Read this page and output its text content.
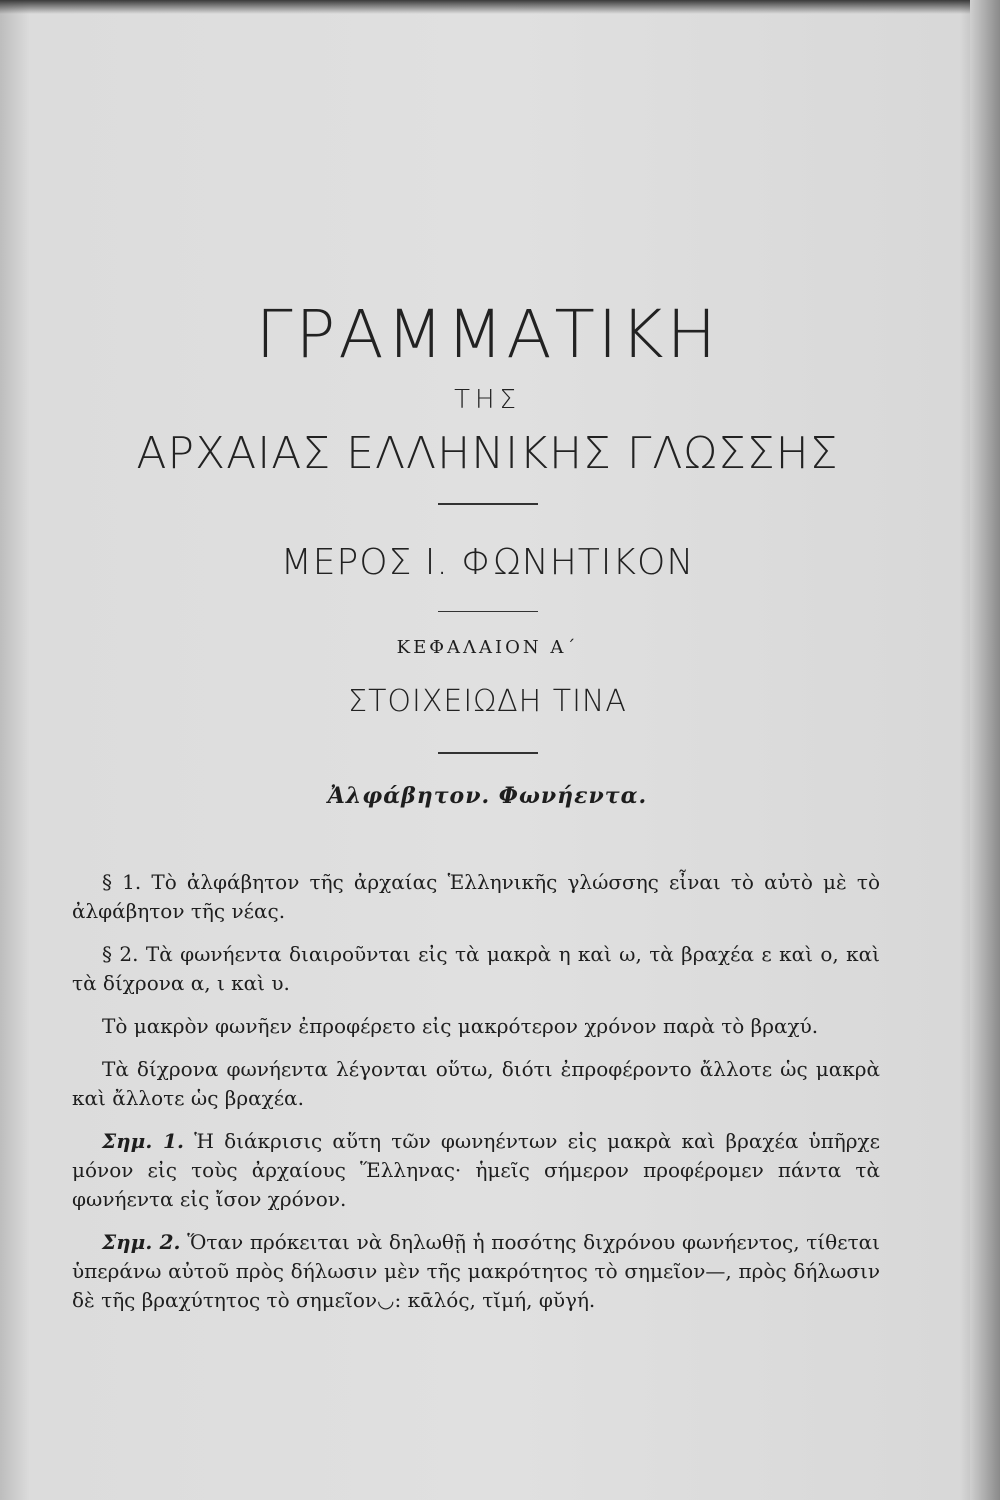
ΓΡΑΜΜΑΤΙΚΗ
ΤΗΣ
ΑΡΧΑΙΑΣ ΕΛΛΗΝΙΚΗΣ ΓΛΩΣΣΗΣ
ΜΕΡΟΣ Ι. ΦΩΝΗΤΙΚΟΝ
ΚΕΦΑΛΑΙΟΝ Α΄
ΣΤΟΙΧΕΙΩΔΗ ΤΙΝΑ
Ἀλφάβητον. Φωνήεντα.

§ 1. Τὸ ἀλφάβητον τῆς ἀρχαίας Ἑλληνικῆς γλώσσης εἶναι τὸ αὐτὸ μὲ τὸ ἀλφάβητον τῆς νέας.

§ 2. Τὰ φωνήεντα διαιροῦνται εἰς τὰ μακρὰ η καὶ ω, τὰ βραχέα ε καὶ ο, καὶ τὰ δίχρονα α, ι καὶ υ.

Τὸ μακρὸν φωνῆεν ἐπροφέρετο εἰς μακρότερον χρόνον παρὰ τὸ βραχύ.

Τὰ δίχρονα φωνήεντα λέγονται οὕτω, διότι ἐπροφέροντο ἄλλοτε ὡς μακρὰ καὶ ἄλλοτε ὡς βραχέα.

Σημ. 1. Ἡ διάκρισις αὕτη τῶν φωνηέντων εἰς μακρὰ καὶ βραχέα ὑπῆρχε μόνον εἰς τοὺς ἀρχαίους Ἕλληνας· ἡμεῖς σήμερον προφέρομεν πάντα τὰ φωνήεντα εἰς ἴσον χρόνον.

Σημ. 2. Ὅταν πρόκειται νὰ δηλωθῇ ἡ ποσότης διχρόνου φωνήεντος, τίθεται ὑπεράνω αὐτοῦ πρὸς δήλωσιν μὲν τῆς μακρότητος τὸ σημεῖον—, πρὸς δήλωσιν δὲ τῆς βραχύτητος τὸ σημεῖον◡: κᾱλός, τῐμή, φῠγή.
